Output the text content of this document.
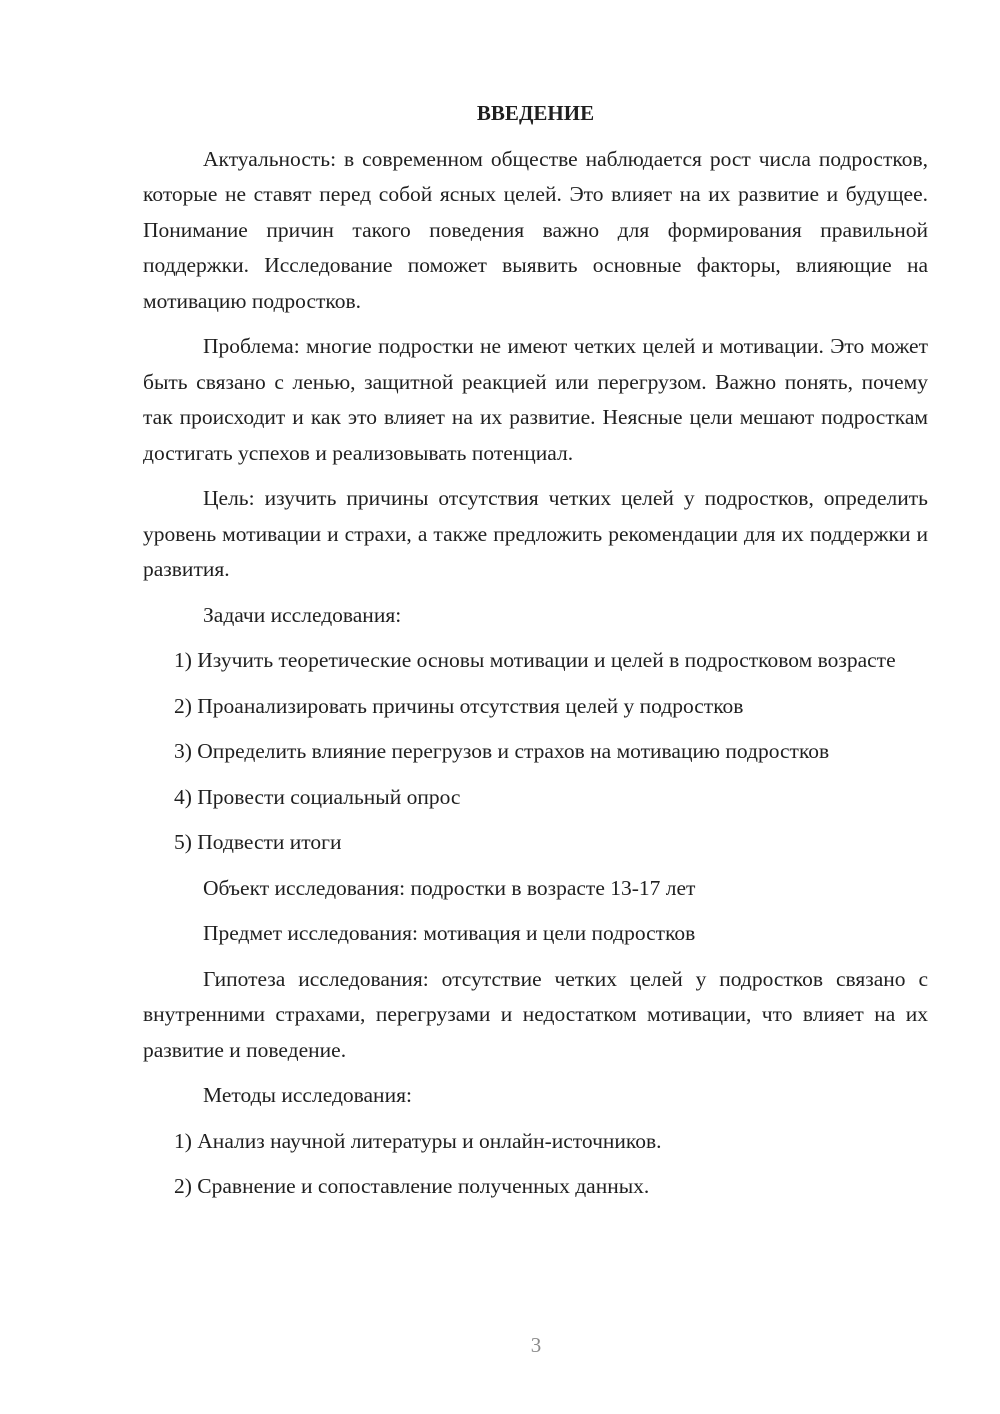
ВВЕДЕНИЕ

Актуальность: в современном обществе наблюдается рост числа подростков, которые не ставят перед собой ясных целей. Это влияет на их развитие и будущее. Понимание причин такого поведения важно для формирования правильной поддержки. Исследование поможет выявить основные факторы, влияющие на мотивацию подростков.

Проблема: многие подростки не имеют четких целей и мотивации. Это может быть связано с ленью, защитной реакцией или перегрузом. Важно понять, почему так происходит и как это влияет на их развитие. Неясные цели мешают подросткам достигать успехов и реализовывать потенциал.

Цель: изучить причины отсутствия четких целей у подростков, определить уровень мотивации и страхи, а также предложить рекомендации для их поддержки и развития.

Задачи исследования:

1) Изучить теоретические основы мотивации и целей в подростковом возрасте

2) Проанализировать причины отсутствия целей у подростков

3) Определить влияние перегрузов и страхов на мотивацию подростков

4) Провести социальный опрос

5) Подвести итоги

Объект исследования: подростки в возрасте 13-17 лет

Предмет исследования: мотивация и цели подростков

Гипотеза исследования: отсутствие четких целей у подростков связано с внутренними страхами, перегрузами и недостатком мотивации, что влияет на их развитие и поведение.

Методы исследования:

1) Анализ научной литературы и онлайн-источников.

2) Сравнение и сопоставление полученных данных.

3
